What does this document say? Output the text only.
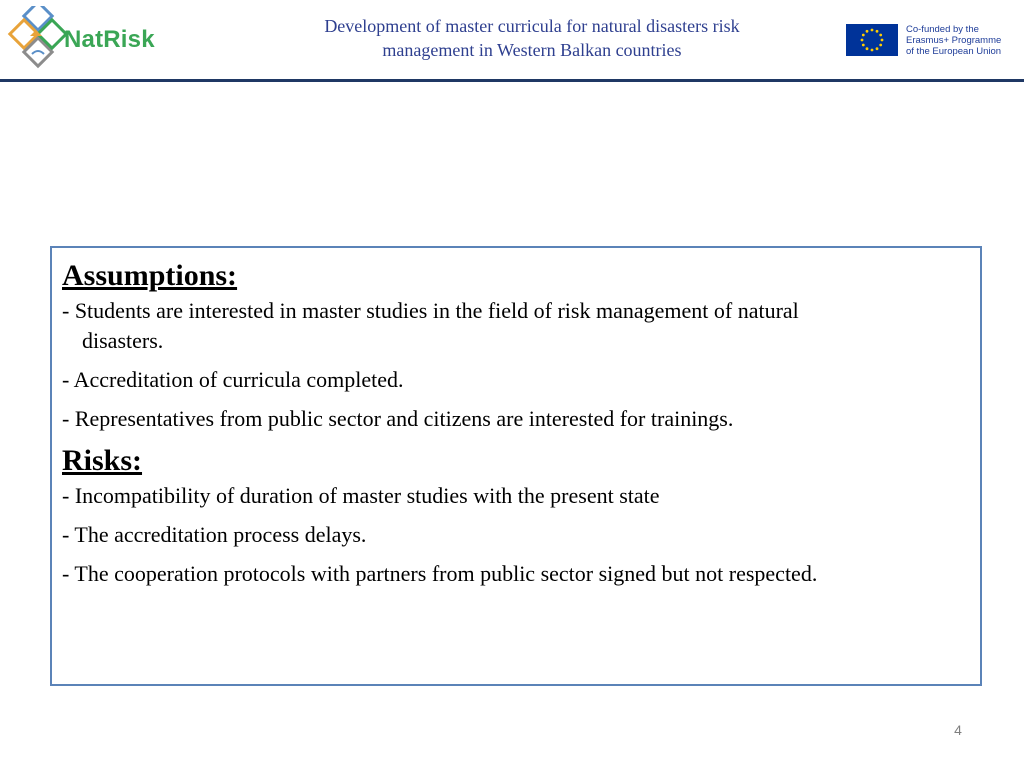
NatRisk	Development of master curricula for natural disasters risk
management in Western Balkan countries
Co-funded by the
Erasmus+ Programme
of the European Union
Assumptions:
- Students are interested in master studies in the field of risk management of natural
disasters.
- Accreditation of curricula completed.
- Representatives from public sector and citizens are interested for trainings.
Risks:
- Incompatibility of duration of master studies with the present state
- The accreditation process delays.
- The cooperation protocols with partners from public sector signed but not respected.
4
